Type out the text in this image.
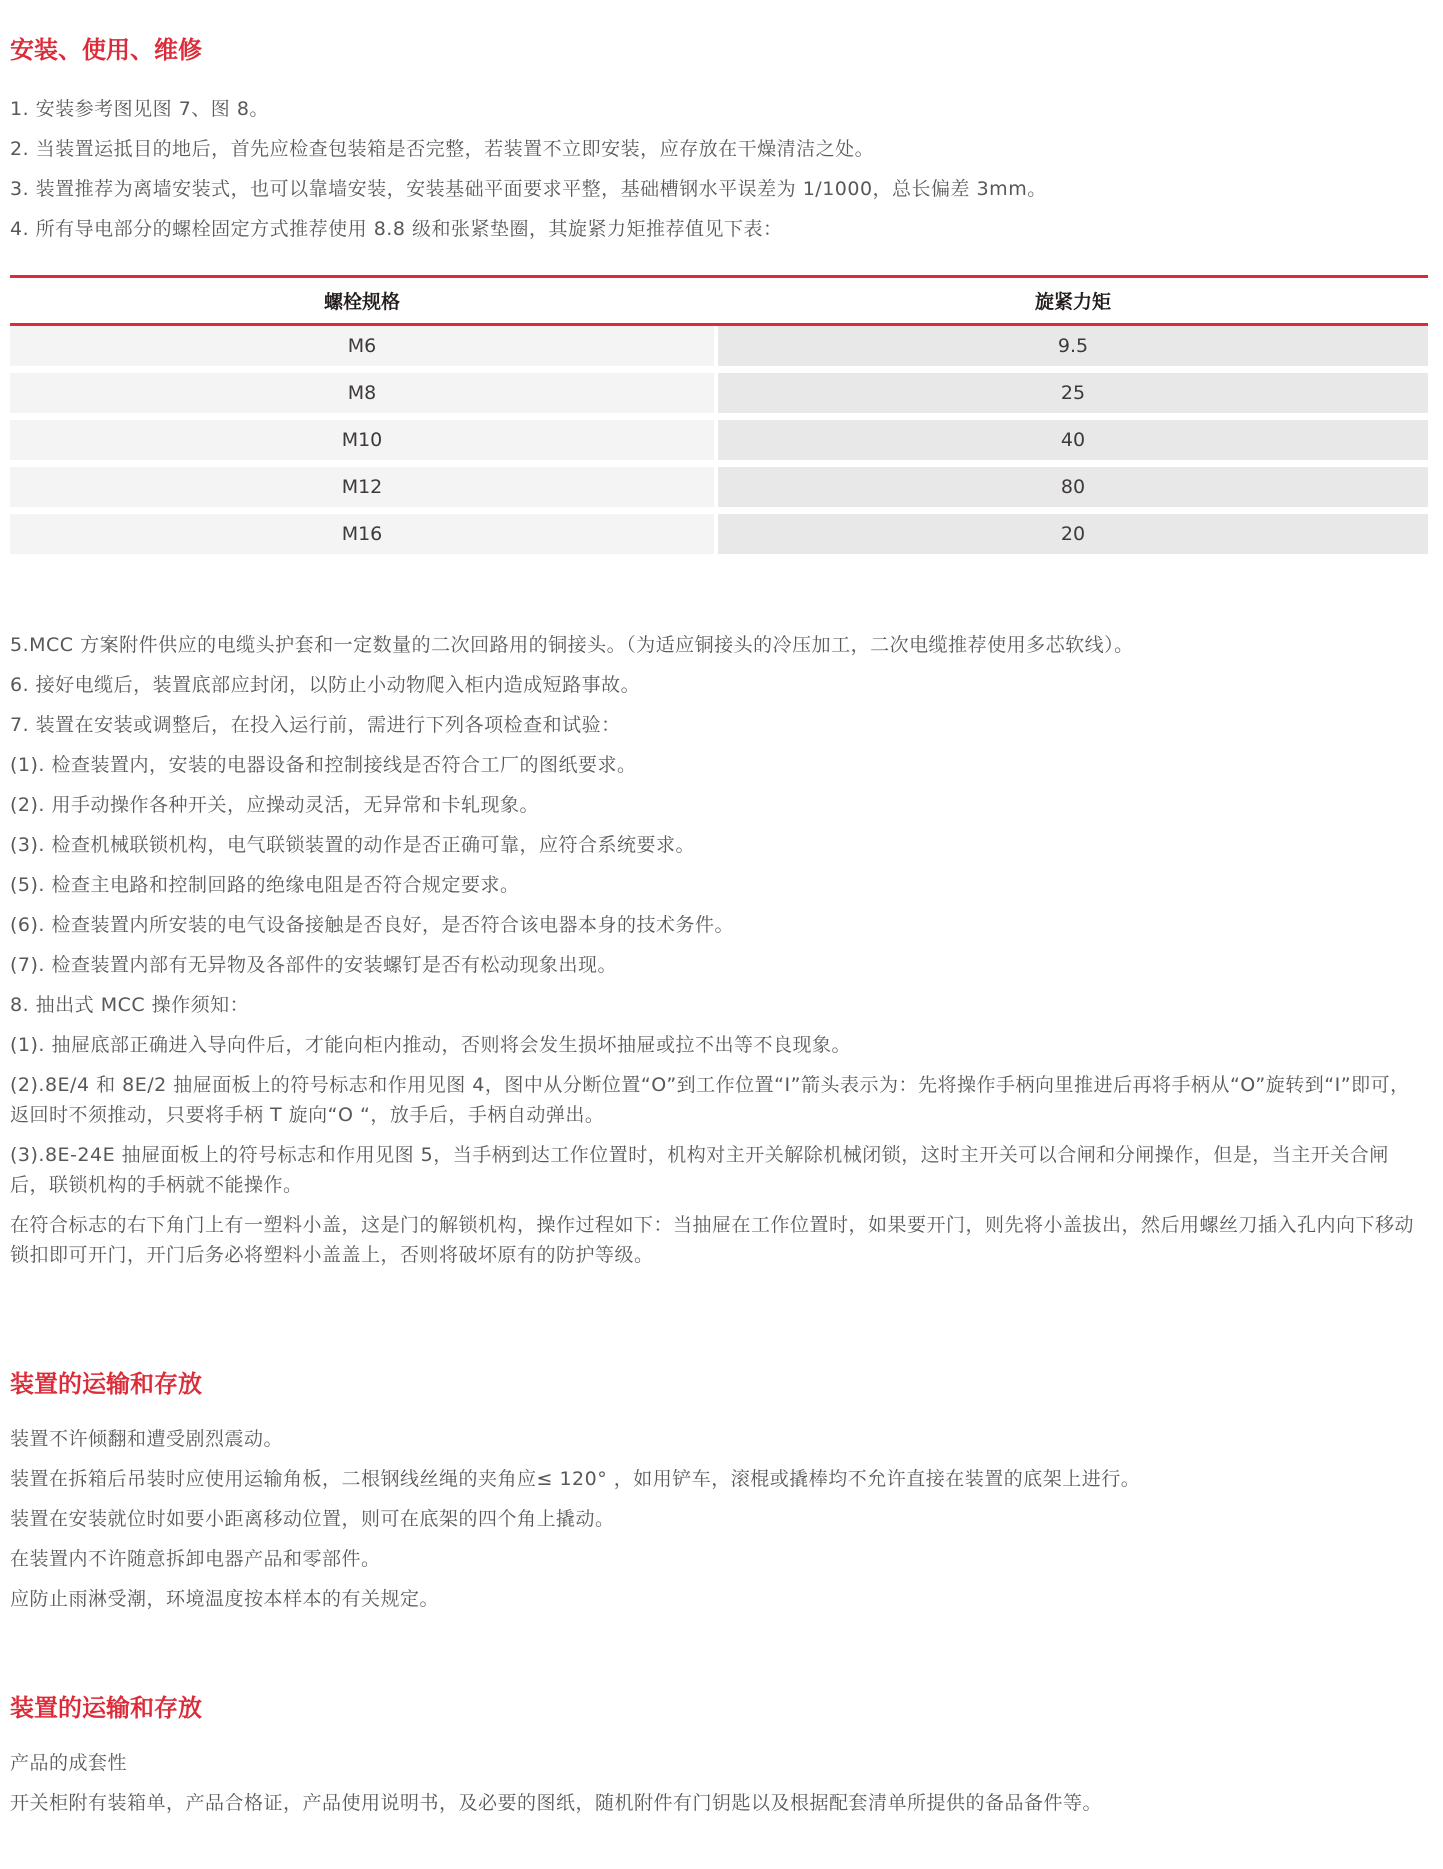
安装、使用、维修

1. 安装参考图见图 7、图 8。

2. 当装置运抵目的地后，首先应检查包装箱是否完整，若装置不立即安装，应存放在干燥清洁之处。

3. 装置推荐为离墙安装式，也可以靠墙安装，安装基础平面要求平整，基础槽钢水平误差为 1/1000，总长偏差 3mm。

4. 所有导电部分的螺栓固定方式推荐使用 8.8 级和张紧垫圈，其旋紧力矩推荐值见下表：

螺栓规格	旋紧力矩
M6	9.5
M8	25
M10	40
M12	80
M16	20

5.MCC 方案附件供应的电缆头护套和一定数量的二次回路用的铜接头。（为适应铜接头的冷压加工，二次电缆推荐使用多芯软线）。

6. 接好电缆后，装置底部应封闭，以防止小动物爬入柜内造成短路事故。

7. 装置在安装或调整后，在投入运行前，需进行下列各项检查和试验：

(1). 检查装置内，安装的电器设备和控制接线是否符合工厂的图纸要求。

(2). 用手动操作各种开关，应操动灵活，无异常和卡轧现象。

(3). 检查机械联锁机构，电气联锁装置的动作是否正确可靠，应符合系统要求。

(5). 检查主电路和控制回路的绝缘电阻是否符合规定要求。

(6). 检查装置内所安装的电气设备接触是否良好，是否符合该电器本身的技术务件。

(7). 检查装置内部有无异物及各部件的安装螺钉是否有松动现象出现。

8. 抽出式 MCC 操作须知：

(1). 抽屉底部正确进入导向件后，才能向柜内推动，否则将会发生损坏抽屉或拉不出等不良现象。

(2).8E/4 和 8E/2 抽屉面板上的符号标志和作用见图 4，图中从分断位置“O”到工作位置“I”箭头表示为：先将操作手柄向里推进后再将手柄从“O”旋转到“I”即可，返回时不须推动，只要将手柄 T 旋向“O “，放手后，手柄自动弹出。

(3).8E-24E 抽屉面板上的符号标志和作用见图 5，当手柄到达工作位置时，机构对主开关解除机械闭锁，这时主开关可以合闸和分闸操作，但是，当主开关合闸后，联锁机构的手柄就不能操作。

在符合标志的右下角门上有一塑料小盖，这是门的解锁机构，操作过程如下：当抽屉在工作位置时，如果要开门，则先将小盖拔出，然后用螺丝刀插入孔内向下移动锁扣即可开门，开门后务必将塑料小盖盖上，否则将破坏原有的防护等级。

装置的运输和存放

装置不许倾翻和遭受剧烈震动。

装置在拆箱后吊装时应使用运输角板，二根钢线丝绳的夹角应≤ 120° ，如用铲车，滚棍或撬棒均不允许直接在装置的底架上进行。

装置在安装就位时如要小距离移动位置，则可在底架的四个角上撬动。

在装置内不许随意拆卸电器产品和零部件。

应防止雨淋受潮，环境温度按本样本的有关规定。

装置的运输和存放

产品的成套性

开关柜附有装箱单，产品合格证，产品使用说明书，及必要的图纸，随机附件有门钥匙以及根据配套清单所提供的备品备件等。
